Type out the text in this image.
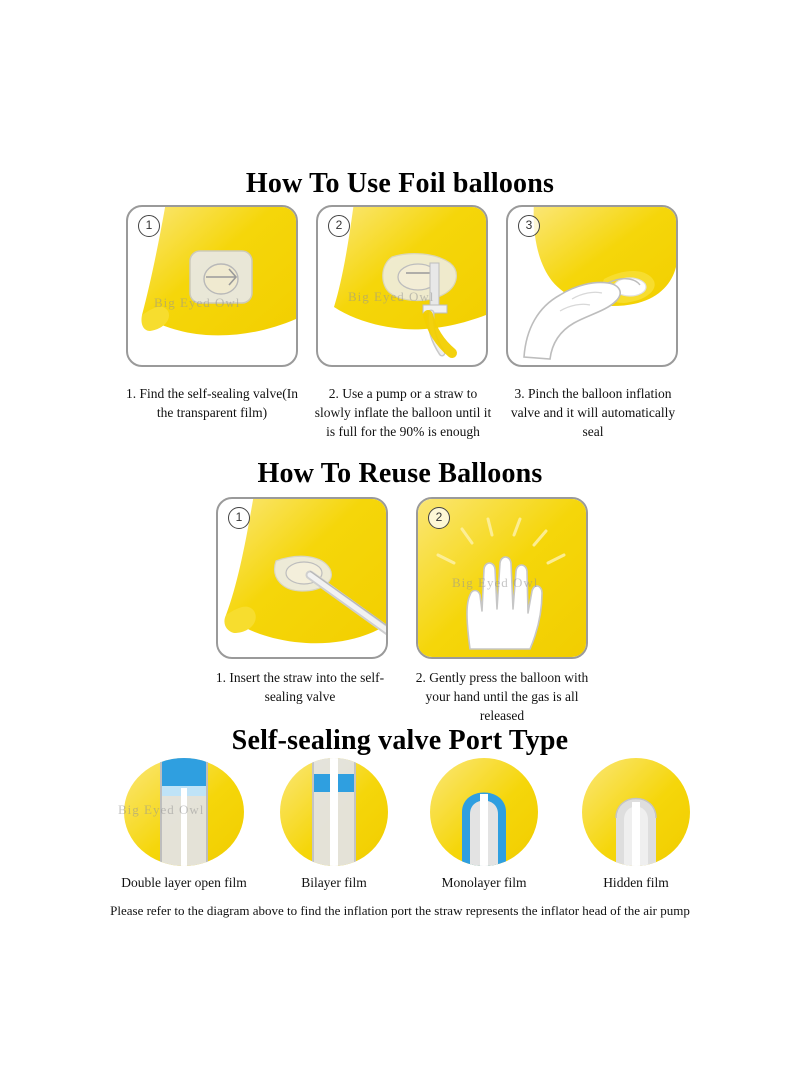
How To Use Foil balloons
1
Big Eyed Owl
2
Big Eyed Owl
3
1. Find the self-sealing valve(In the transparent film)
2. Use a pump or a straw to slowly inflate the balloon until it is full for the 90% is enough
3. Pinch the balloon inflation valve and it will automatically seal
How To Reuse Balloons
1	2
Big Eyed Owl
1. Insert the straw into the self-sealing valve
2. Gently press the balloon with your hand until the gas is all released
Self-sealing valve Port Type
Big Eyed Owl
Double layer open film	Bilayer film	Monolayer film	Hidden film
Please refer to the diagram above to find the inflation port the straw represents the inflator head of the air pump
